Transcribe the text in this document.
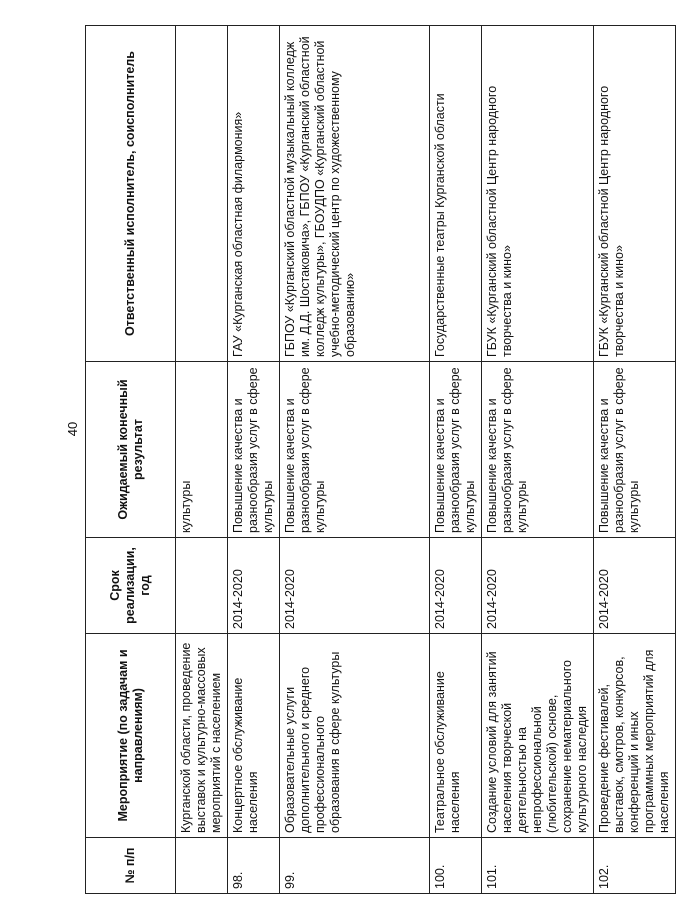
40
№ п/п	Мероприятие (по задачам и направлениям)	Срок реализации, год	Ожидаемый конечный результат	Ответственный исполнитель, соисполнитель
	Курганской области, проведение выставок и культурно-массовых мероприятий с населением		культуры	
98.	Концертное обслуживание населения	2014-2020	Повышение качества и разнообразия услуг в сфере культуры	ГАУ «Курганская областная филармония»
99.	Образовательные услуги дополнительного и среднего профессионального образования в сфере культуры	2014-2020	Повышение качества и разнообразия услуг в сфере культуры	ГБПОУ «Курганский областной музыкальный колледж им. Д.Д. Шостаковича», ГБПОУ «Курганский областной колледж культуры», ГБОУДПО «Курганский областной учебно-методический центр по художественному образованию»
100.	Театральное обслуживание населения	2014-2020	Повышение качества и разнообразия услуг в сфере культуры	Государственные театры Курганской области
101.	Создание условий для занятий населения творческой деятельностью на непрофессиональной (любительской) основе, сохранение нематериального культурного наследия	2014-2020	Повышение качества и разнообразия услуг в сфере культуры	ГБУК «Курганский областной Центр народного творчества и кино»
102.	Проведение фестивалей, выставок, смотров, конкурсов, конференций и иных программных мероприятий для населения	2014-2020	Повышение качества и разнообразия услуг в сфере культуры	ГБУК «Курганский областной Центр народного творчества и кино»
